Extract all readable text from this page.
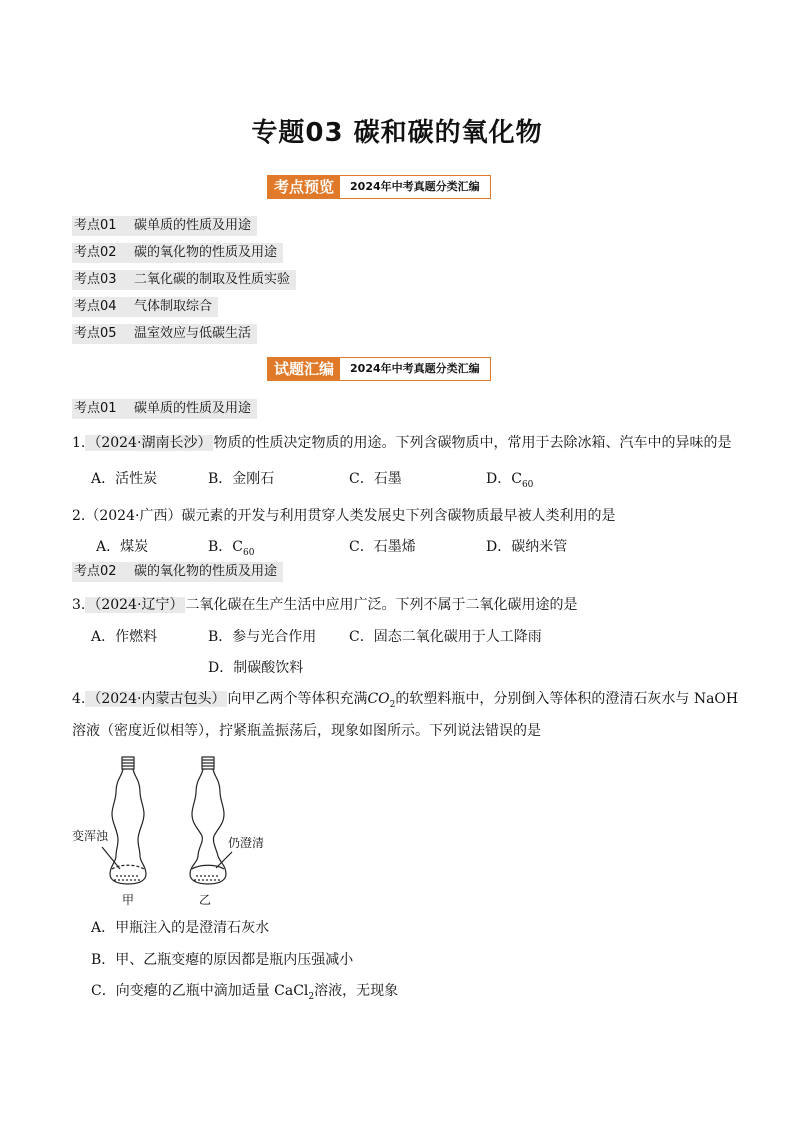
专题03 碳和碳的氧化物
考点预览	2024年中考真题分类汇编
考点01 碳单质的性质及用途
考点02 碳的氧化物的性质及用途
考点03 二氧化碳的制取及性质实验
考点04 气体制取综合
考点05 温室效应与低碳生活
试题汇编	2024年中考真题分类汇编
考点01 碳单质的性质及用途
1. （2024·湖南长沙） 物质的性质决定物质的用途。下列含碳物质中，常用于去除冰箱、汽车中的异味的是
A．活性炭	B．金刚石	C．石墨	D．$C_{60}$
2.（2024·广西）碳元素的开发与利用贯穿人类发展史下列含碳物质最早被人类利用的是
A．煤炭	B．$C_{60}$	C．石墨烯	D．碳纳米管
考点02 碳的氧化物的性质及用途
3. （2024·辽宁） 二氧化碳在生产生活中应用广泛。下列不属于二氧化碳用途的是
A．作燃料	B．参与光合作用 C．固态二氧化碳用于人工降雨
D．制碳酸饮料
4. （2024·内蒙古包头） 向甲乙两个等体积充满$CO_2$的软塑料瓶中，分别倒入等体积的澄清石灰水与 NaOH
溶液（密度近似相等），拧紧瓶盖振荡后，现象如图所示。下列说法错误的是
变浑浊	仍澄清
甲	乙
A．甲瓶注入的是澄清石灰水
B．甲、乙瓶变瘪的原因都是瓶内压强减小
C．向变瘪的乙瓶中滴加适量 CaCl$_2$溶液，无现象
